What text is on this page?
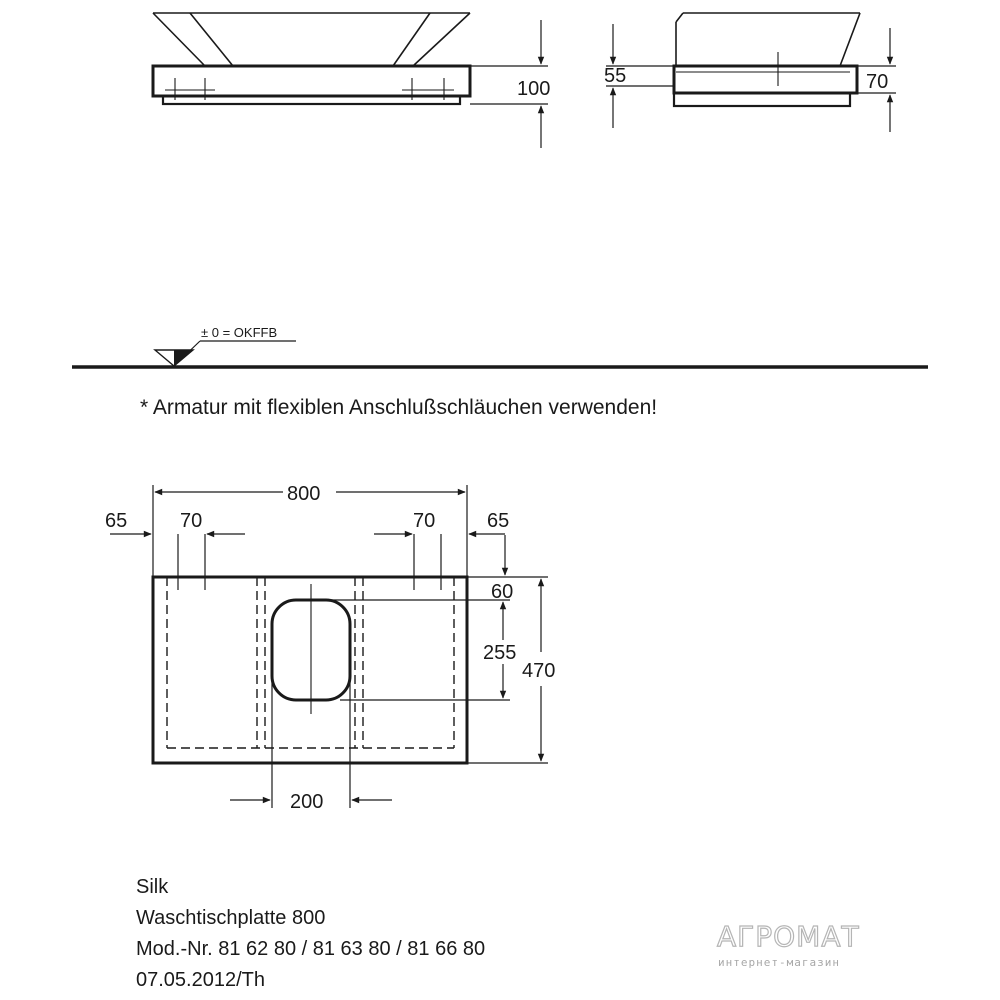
100
55	70
± 0 = OKFFB
* Armatur mit flexiblen Anschlußschläuchen verwenden!
800
65	70	70	65
60
255
470
200
Silk
Waschtischplatte 800
Mod.-Nr. 81 62 80 / 81 63 80 / 81 66 80
07.05.2012/Th
АГРОМАТ
интернет-магазин
